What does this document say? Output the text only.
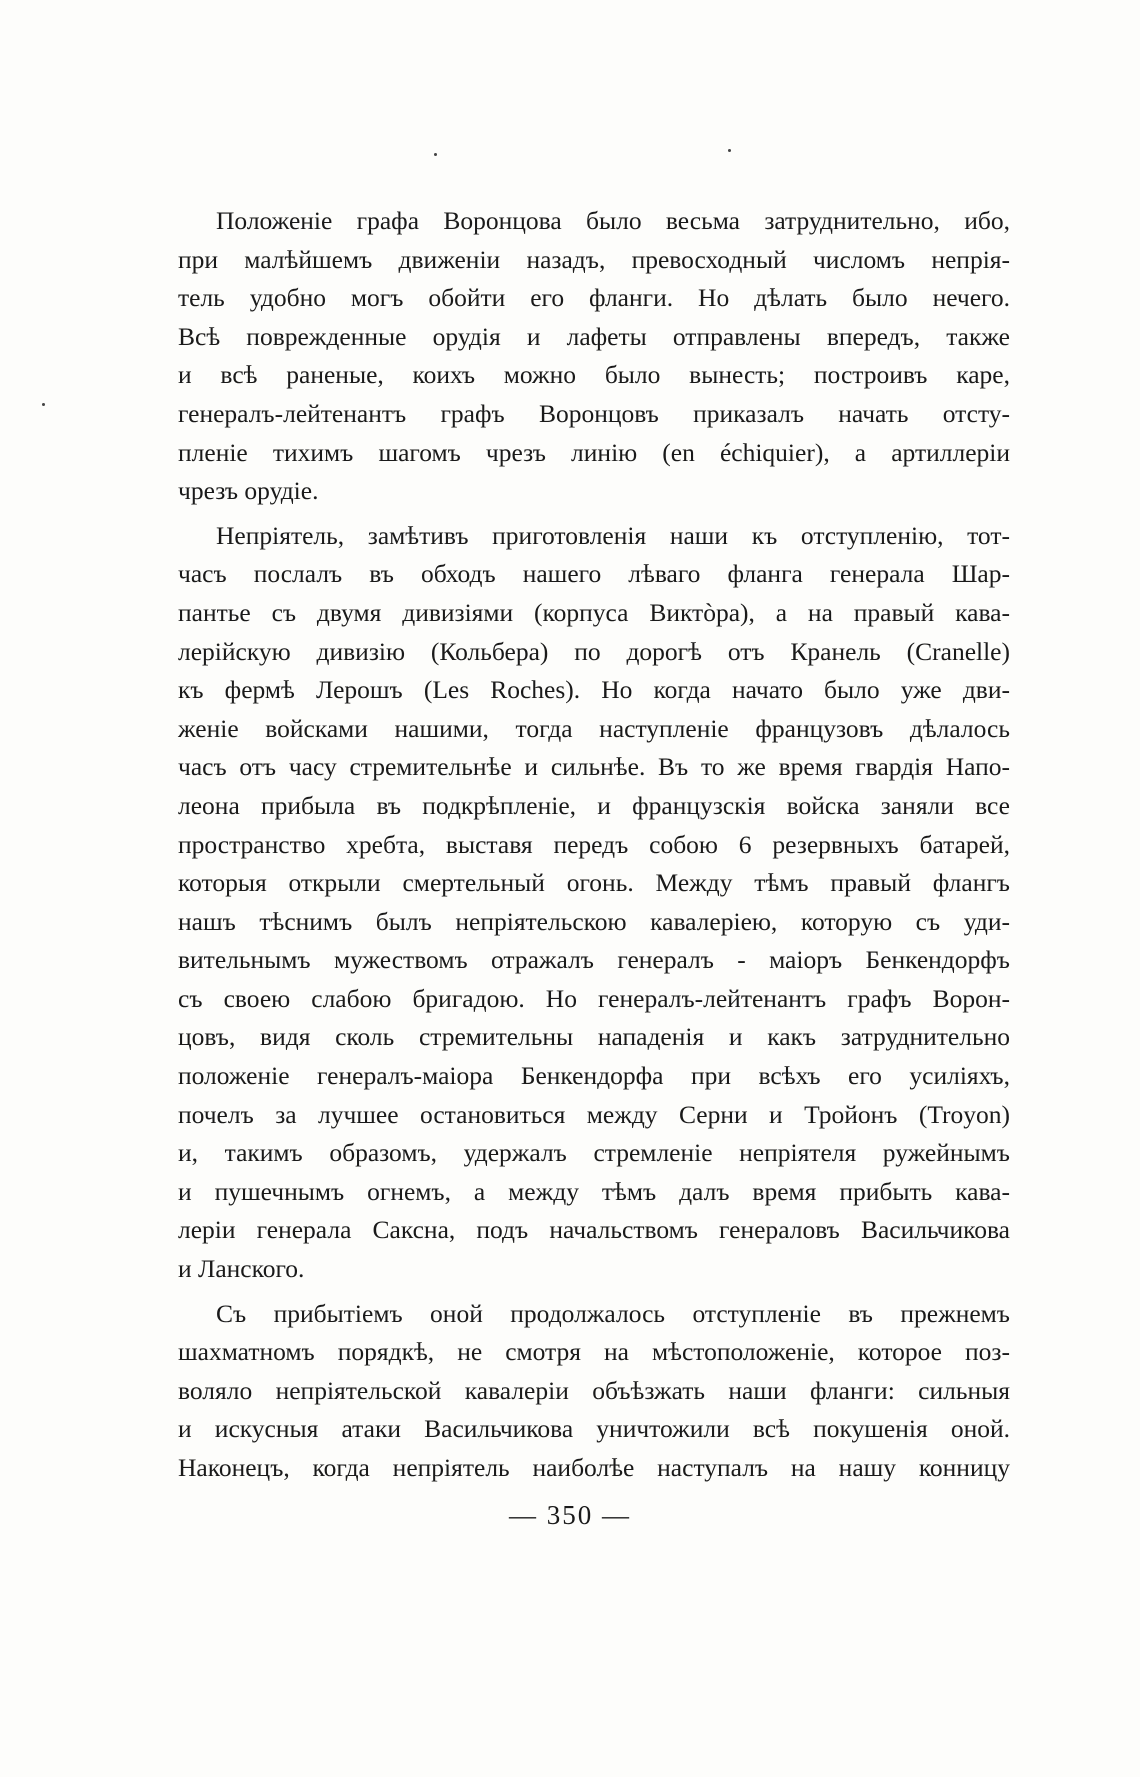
Положеніе графа Воронцова было весьма затруднительно, ибо,
при малѣйшемъ движеніи назадъ, превосходный числомъ непрія-
тель удобно могъ обойти его фланги. Но дѣлать было нечего.
Всѣ поврежденные орудія и лафеты отправлены впередъ, также
и всѣ раненые, коихъ можно было вынесть; построивъ каре,
генералъ-лейтенантъ графъ Воронцовъ приказалъ начать отсту-
пленіе тихимъ шагомъ чрезъ линію (en échiquier), а артиллеріи
чрезъ орудіе.

Непріятель, замѣтивъ приготовленія наши къ отступленію, тот-
часъ послалъ въ обходъ нашего лѣваго фланга генерала Шар-
пантье съ двумя дивизіями (корпуса Виктòра), а на правый кава-
лерійскую дивизію (Кольбера) по дорогѣ отъ Кранель (Cranelle)
къ фермѣ Лерошъ (Les Roches). Но когда начато было уже дви-
женіе войсками нашими, тогда наступленіе французовъ дѣлалось
часъ отъ часу стремительнѣе и сильнѣе. Въ то же время гвардія Напо-
леона прибыла въ подкрѣпленіе, и французскія войска заняли все
пространство хребта, выставя передъ собою 6 резервныхъ батарей,
которыя открыли смертельный огонь. Между тѣмъ правый флангъ
нашъ тѣснимъ былъ непріятельскою кавалеріею, которую съ уди-
вительнымъ мужествомъ отражалъ генералъ - маіоръ Бенкендорфъ
съ своею слабою бригадою. Но генералъ-лейтенантъ графъ Ворон-
цовъ, видя сколь стремительны нападенія и какъ затруднительно
положеніе генералъ-маіора Бенкендорфа при всѣхъ его усиліяхъ,
почелъ за лучшее остановиться между Серни и Тройонъ (Troyon)
и, такимъ образомъ, удержалъ стремленіе непріятеля ружейнымъ
и пушечнымъ огнемъ, а между тѣмъ далъ время прибыть кава-
леріи генерала Саксна, подъ начальствомъ генераловъ Васильчикова
и Ланского.

Съ прибытіемъ оной продолжалось отступленіе въ прежнемъ
шахматномъ порядкѣ, не смотря на мѣстоположеніе, которое поз-
воляло непріятельской кавалеріи объѣзжать наши фланги: сильныя
и искусныя атаки Васильчикова уничтожили всѣ покушенія оной.
Наконецъ, когда непріятель наиболѣе наступалъ на нашу конницу

— 350 —
